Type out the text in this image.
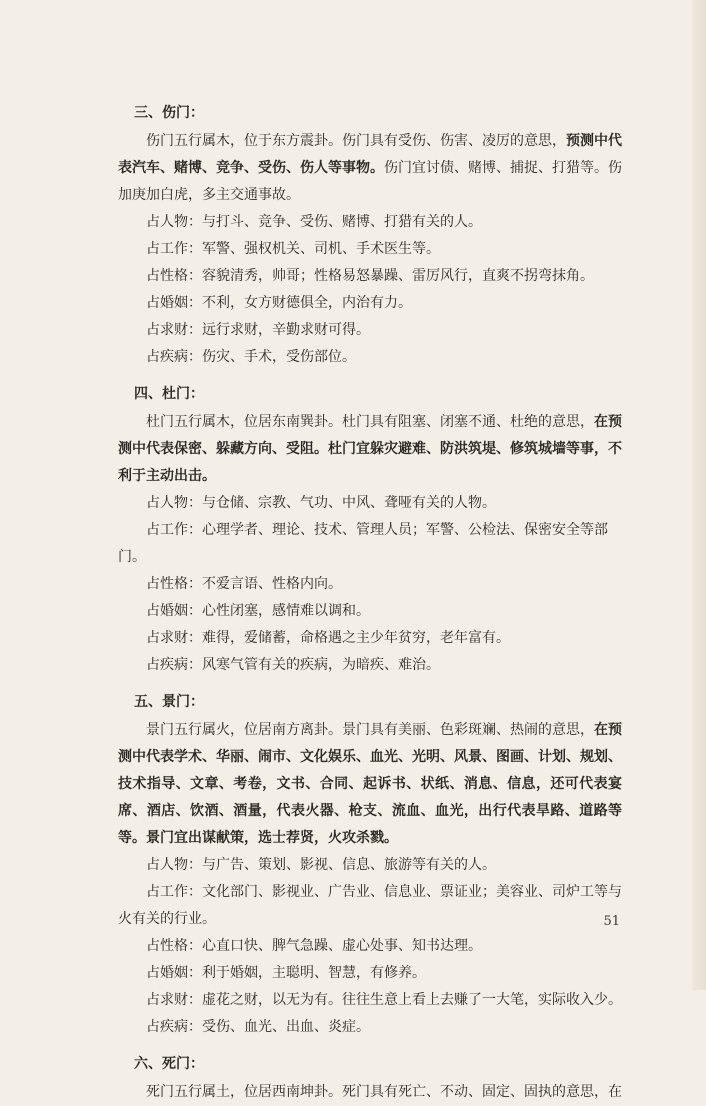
三、伤门：

伤门五行属木，位于东方震卦。伤门具有受伤、伤害、凌厉的意思，预测中代表汽车、赌博、竞争、受伤、伤人等事物。伤门宜讨债、赌博、捕捉、打猎等。伤加庚加白虎，多主交通事故。

占人物：与打斗、竞争、受伤、赌博、打猎有关的人。

占工作：军警、强权机关、司机、手术医生等。

占性格：容貌清秀，帅哥；性格易怒暴躁、雷厉风行，直爽不拐弯抹角。

占婚姻：不利，女方财德俱全，内治有力。

占求财：远行求财，辛勤求财可得。

占疾病：伤灾、手术，受伤部位。

四、杜门：

杜门五行属木，位居东南巽卦。杜门具有阻塞、闭塞不通、杜绝的意思，在预测中代表保密、躲藏方向、受阻。杜门宜躲灾避难、防洪筑堤、修筑城墙等事，不利于主动出击。

占人物：与仓储、宗教、气功、中风、聋哑有关的人物。

占工作：心理学者、理论、技术、管理人员；军警、公检法、保密安全等部门。

占性格：不爱言语、性格内向。

占婚姻：心性闭塞，感情难以调和。

占求财：难得，爱储蓄，命格遇之主少年贫穷，老年富有。

占疾病：风寒气管有关的疾病，为暗疾、难治。

五、景门：

景门五行属火，位居南方离卦。景门具有美丽、色彩斑斓、热闹的意思，在预测中代表学术、华丽、闹市、文化娱乐、血光、光明、风景、图画、计划、规划、技术指导、文章、考卷，文书、合同、起诉书、状纸、消息、信息，还可代表宴席、酒店、饮酒、酒量，代表火器、枪支、流血、血光，出行代表旱路、道路等等。景门宜出谋献策，选士荐贤，火攻杀戮。

占人物：与广告、策划、影视、信息、旅游等有关的人。

占工作：文化部门、影视业、广告业、信息业、票证业；美容业、司炉工等与火有关的行业。

占性格：心直口快、脾气急躁、虚心处事、知书达理。

占婚姻：利于婚姻，主聪明、智慧，有修养。

占求财：虚花之财，以无为有。往往生意上看上去赚了一大笔，实际收入少。

占疾病：受伤、血光、出血、炎症。

六、死门：

死门五行属土，位居西南坤卦。死门具有死亡、不动、固定、固执的意思，在

51
